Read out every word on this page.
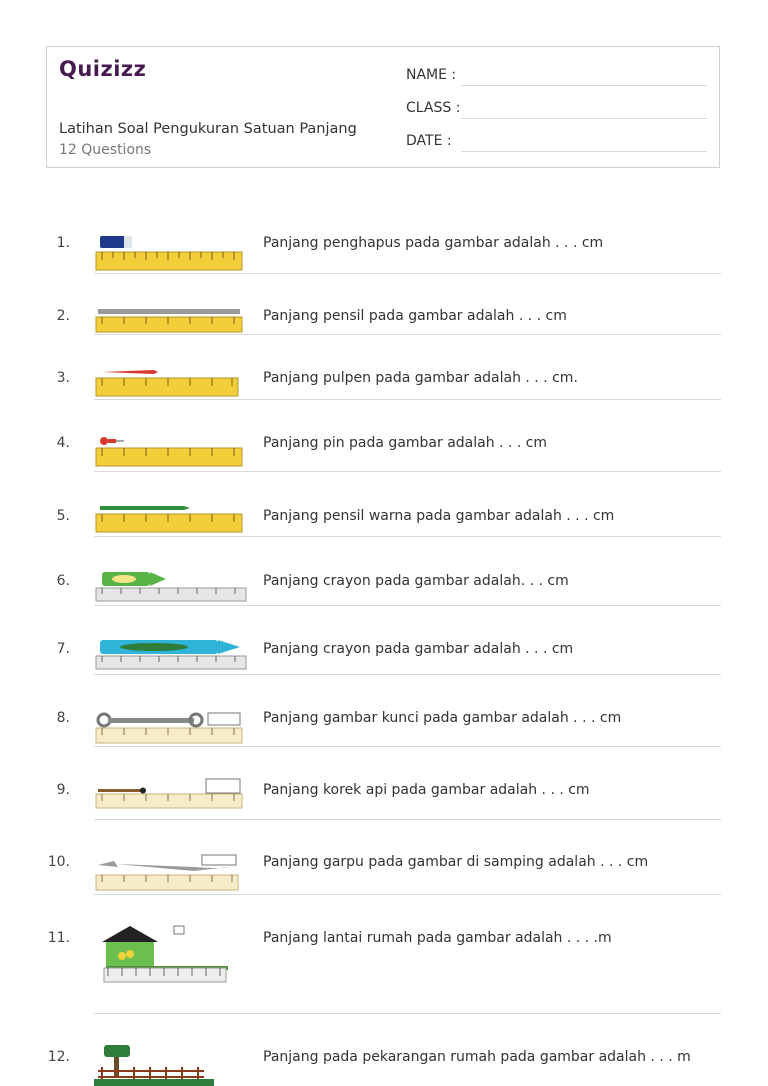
Quizizz
Latihan Soal Pengukuran Satuan Panjang
12 Questions
NAME :
CLASS :
DATE :
1.	Panjang penghapus pada gambar adalah . . . cm
2.	Panjang pensil pada gambar adalah . . . cm
3.	Panjang pulpen pada gambar adalah . . . cm.
4.	Panjang pin pada gambar adalah . . . cm
5.	Panjang pensil warna pada gambar adalah . . . cm
6.	Panjang crayon pada gambar adalah. . . cm
7.	Panjang crayon pada gambar adalah . . . cm
8.	Panjang gambar kunci pada gambar adalah . . . cm
9.	Panjang korek api pada gambar adalah . . . cm
10.	Panjang garpu pada gambar di samping adalah . . . cm
11.	Panjang lantai rumah pada gambar adalah . . . .m
12.	Panjang pada pekarangan rumah pada gambar adalah . . . m
